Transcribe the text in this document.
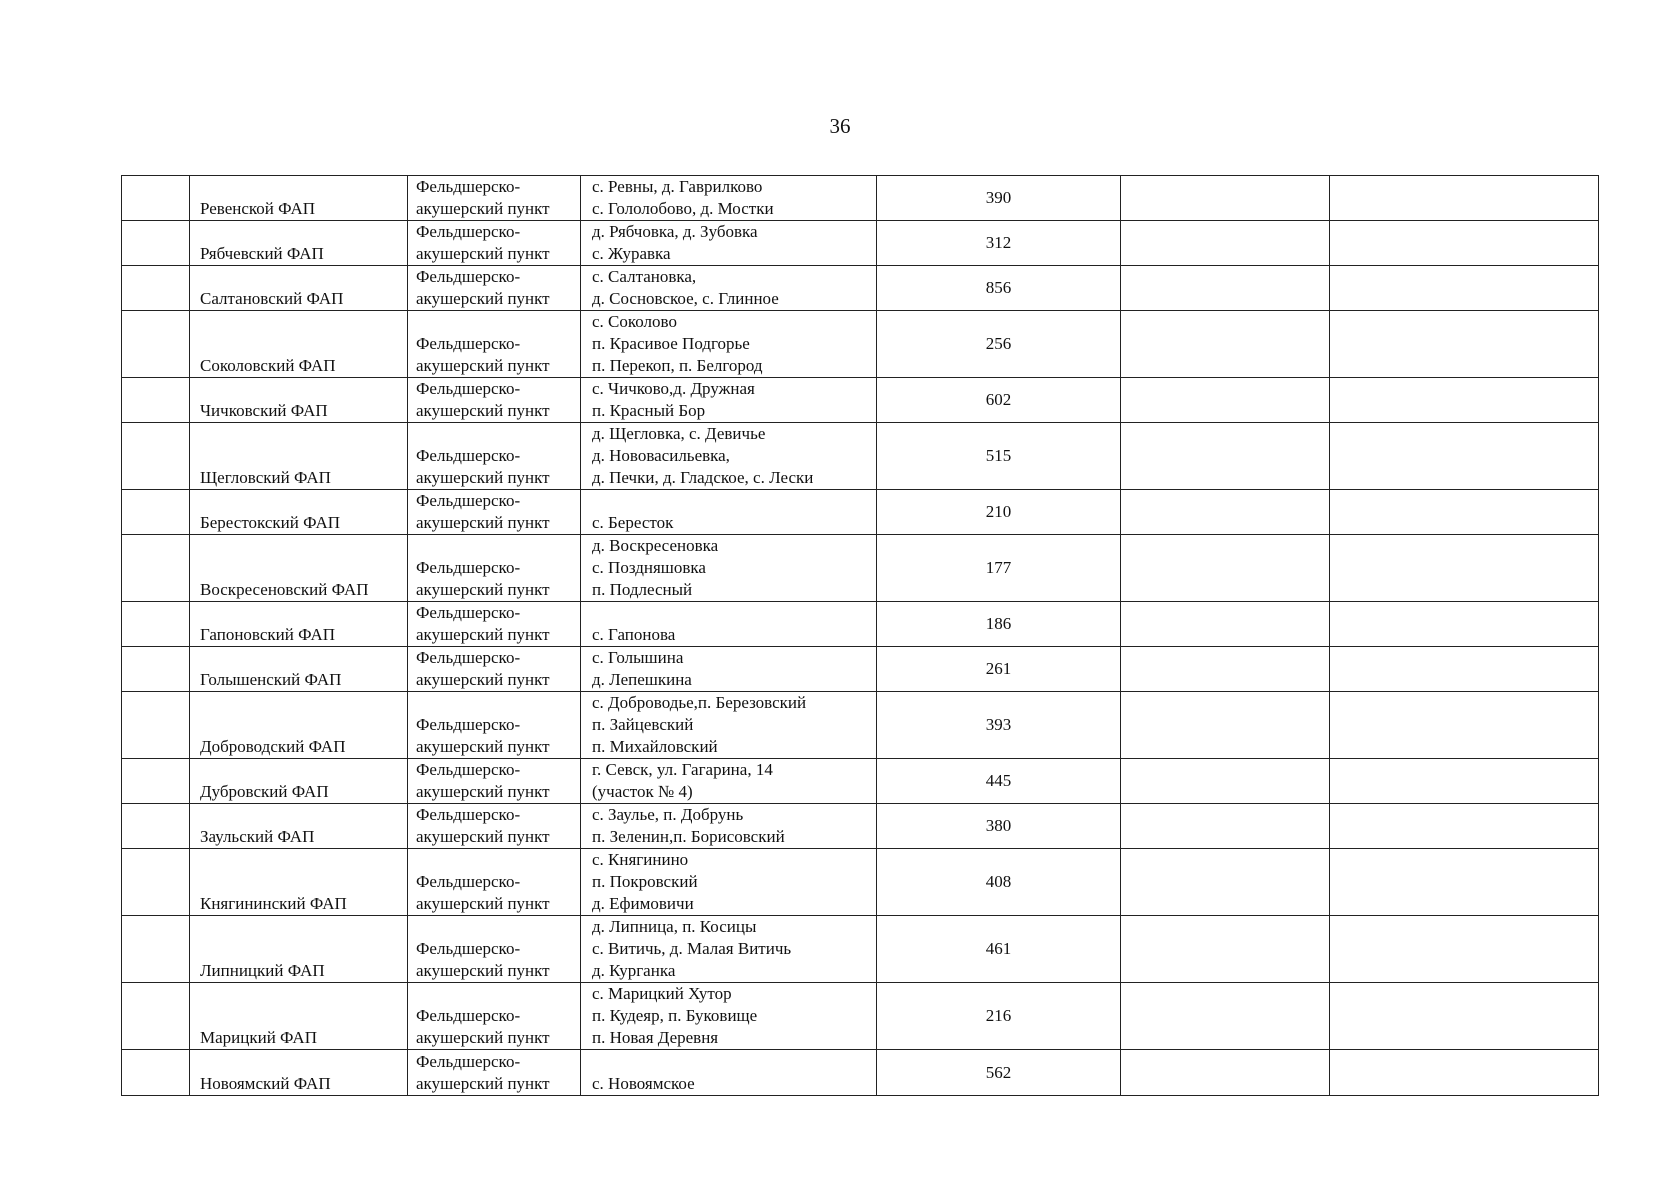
36

	Ревенской ФАП	Фельдшерско-
акушерский пункт	с. Ревны, д. Гаврилково
с. Гололобово, д. Мостки	390		

	Рябчевский ФАП	Фельдшерско-
акушерский пункт	д. Рябчовка, д. Зубовка
с. Журавка	312		

	Салтановский ФАП	Фельдшерско-
акушерский пункт	с. Салтановка,
д. Сосновское, с. Глинное	856		

	Соколовский ФАП	Фельдшерско-
акушерский пункт	с. Соколово
п. Красивое Подгорье
п. Перекоп, п. Белгород	256		

	Чичковский ФАП	Фельдшерско-
акушерский пункт	с. Чичково,д. Дружная
п. Красный Бор	602		

	Щегловский ФАП	Фельдшерско-
акушерский пункт	д. Щегловка, с. Девичье
д. Нововасильевка,
д. Печки, д. Гладское, с. Лески	515		

	Берестокский ФАП	Фельдшерско-
акушерский пункт	с. Бересток	210		

	Воскресеновский ФАП	Фельдшерско-
акушерский пункт	д. Воскресеновка
с. Поздняшовка
п. Подлесный	177		

	Гапоновский ФАП	Фельдшерско-
акушерский пункт	с. Гапонова	186		

	Голышенский ФАП	Фельдшерско-
акушерский пункт	с. Голышина
д. Лепешкина	261		

	Доброводский ФАП	Фельдшерско-
акушерский пункт	с. Доброводье,п. Березовский
п. Зайцевский
п. Михайловский	393		

	Дубровский ФАП	Фельдшерско-
акушерский пункт	г. Севск, ул. Гагарина, 14
(участок № 4)	445		

	Заульский ФАП	Фельдшерско-
акушерский пункт	с. Заулье, п. Добрунь
п. Зеленин,п. Борисовский	380		

	Княгининский ФАП	Фельдшерско-
акушерский пункт	с. Княгинино
п. Покровский
д. Ефимовичи	408		

	Липницкий ФАП	Фельдшерско-
акушерский пункт	д. Липница, п. Косицы
с. Витичь, д. Малая Витичь
д. Курганка	461		

	Марицкий ФАП	Фельдшерско-
акушерский пункт	с. Марицкий Хутор
п. Кудеяр, п. Буковище
п. Новая Деревня	216		

	Новоямский ФАП	Фельдшерско-
акушерский пункт	с. Новоямское	562		
